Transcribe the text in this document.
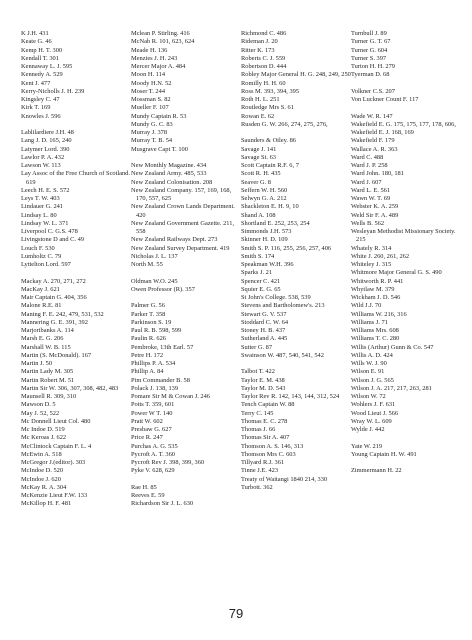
K J.H. 431
Keate G. 46
Kemp H. T. 300
Kendall T. 301
Kennaway L. J. 595
Kennedy A. 529
Kent J. 477
Kerry-Nicholls J. H. 239
Kingsley C. 47
Kirk T. 169
Knowles J. 596
Lablilardiere J.H. 48
Lang J. D. 165, 240
Latymer Lord. 390
Lawlor P. A. 432
Lawson W. 113
Lay Assoc of the Free Church of Scotland. 619
Leech H. E. S. 572
Leys T. W. 403
Lindauer G. 241
Lindsay L. 80
Lindsay W. L. 371
Liverpool C. G.S. 478
Livingstone D and C. 49
Louch F. 530
Lumholtz C. 79
Lyttelton Lord. 597
Mackay A. 270, 271, 272
MacKay J. 621
Mair Captain G. 404, 356
Malone R.E. 81
Maning F. E. 242, 479, 531, 532
Mannering G. E. 391, 392
Marjoribanks A. 114
Marsh E. G. 206
Marshall W. B. 115
Martin (S. McDonald). 167
Martin J. 50
Martin Lady M. 305
Martin Robert M. 51
Martin Sir W. 306, 307, 308, 482, 483
Maunsell R. 309, 310
Mawson D. 5
May J. 52, 522
Mc Donnell Lieut Col. 480
Mc Indoe D. 519
Mc Keroas J. 622
McClintock Captain F. L. 4
McEwin A. 518
McGregor J.(editor). 303
McIndoe D. 520
McIndoe J. 620
McKay R. A. 304
McKenzie Lieut F.W. 133
McKillop H. F. 481
Mclean P. Stirling. 416
McNab R. 101, 623, 624
Meade H. 136
Menzies J. H. 243
Mercer Major A. 484
Moon H. 114
Moody H.N. 52
Moser T. 244
Mossman S. 82
Mueller F. 107
Mundy Captain R. 53
Mundy G. C. 83
Murray J. 378
Murray T. B. 54
Musgrave Capt T. 100
New Monthly Magazine. 434
New Zealand Army. 485, 533
New Zealand Colonisation. 208
New Zealand Company. 157, 169, 168, 170, 557, 625
New Zealand Crown Lands Department. 420
New Zealand Government Gazette. 211, 558
New Zealand Railways Dept. 273
New Zealand Survey Department. 419
Nicholas J. L. 137
North M. 55
Oldman W.O. 245
Owen Professor (R). 357
Palmer G. 56
Parker T. 358
Parkinson S. 19
Paul R. B. 598, 599
Paulin R. 626
Pembroke, 13th Earl. 57
Petre H. 172
Phillips P. A. 534
Phillip A. 84
Pim Commander B. 58
Polack J. 138, 139
Pomare Sir M & Cowan J. 246
Potts T. 359, 601
Power W T. 140
Pratt W. 602
Presbaw G. 627
Price R. 247
Purchas A. G. 535
Pycroft A. T. 360
Pycroft Rev J. 398, 399, 360
Pyke V. 628, 629
Rae H. 85
Reeves E. 59
Richardson Sir J. L. 630
Richmond C. 486
Rideman J. 20
Ritter K. 173
Roberts C. J. 559
Robertson D. 444
Robley Major General H. G. 248, 249, 250
Romilly H. H. 60
Ross M. 393, 394, 395
Roth H. L. 251
Routledge Mrs S. 61
Rowan E. 62
Rusden G. W. 266, 274, 275, 276,
Saunders & Otley. 86
Savage J. 141
Savage St. 63
Scott Captain R.F. 6, 7
Scott R. H. 435
Seaver G. 8
Seffern W. H. 560
Selwyn G. A. 212
Shackleton E. H. 9, 10
Shand A. 108
Shortland E. 252, 253, 254
Simmonds J.H. 573
Skinner H. D. 109
Smith S. P. 116, 255, 256, 257, 406
Smith S. 174
Speakman W.H. 396
Sparks J. 21
Spencer C. 421
Squier E. G. 65
St John's College. 538, 539
Stevens and Bartholomew's. 213
Stewart G. V. 537
Stoddard C. W. 64
Stoney H. B. 437
Sutherland A. 445
Sutter G. 87
Swainson W. 487, 540, 541, 542
Talbot T. 422
Taylor E. M. 438
Taylor M. D. 543
Taylor Rev R. 142, 143, 144, 312, 524
Tench Captain W. 88
Terry C. 145
Thomas E. C. 278
Thomas J. 66
Thomas Sir A. 407
Thomson A. S. 146, 313
Thomson Mrs C. 603
Tillyard R.J. 361
Tinne J.E. 423
Treaty of Waitangi 1840 214, 330
Turbott. 362
Turnbull J. 89
Turner G. T. 67
Turner G. 604
Turner S. 397
Turton H. H. 279
Tyerman D. 68
Volkner C.S. 207
Von Luckner Count F. 117
Wade W. R. 147
Wakefield E. G. 175, 175, 177, 178, 606,
Wakefield E. J. 168, 169
Wakefield F. 179
Wallace A. R. 363
Ward C. 488
Ward J. P. 258
Ward John. 180, 181
Ward J. 607
Ward L. E. 561
Wawn W. T. 69
Webster K. A. 259
Weld Sir F. A. 489
Wells B. 562
Wesleyan Methodist Missionary Society. 215
Whately R. 314
White J. 260, 261, 262
Whiteley J. 315
Whitmore Major General G. S. 490
Whitworth R. P. 441
Whytlaw M. 379
Wickham J. D. 546
Wild J.J. 70
Williams W. 216, 316
Williams J. 71
Williams Mrs. 608
Williams T. C. 280
Willis (Arthur) Gunn & Co. 547
Willis A. D. 424
Wills W. J. 90
Wilson E. 91
Wilson J. G. 565
Wilson J. A. 217, 217, 263, 281
Wilson W. 72
Wohlers J. F. 631
Wood Lieut J. 566
Wray W. L. 609
Wylde J. 442
Yate W. 219
Young Captain H. W. 491
Zimmermann H. 22
79
